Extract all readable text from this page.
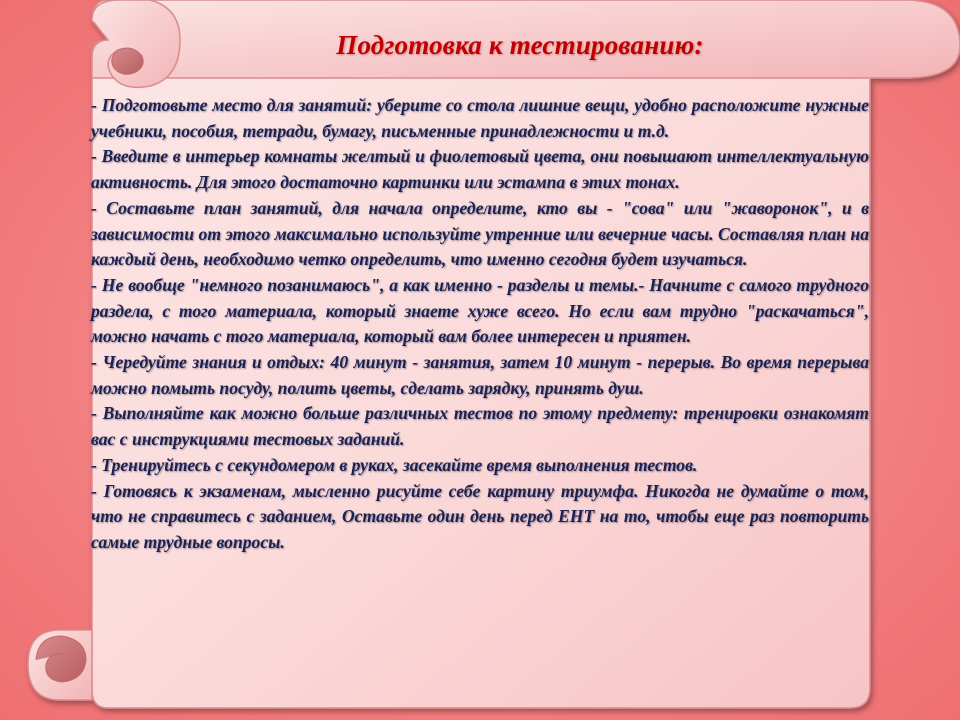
Подготовка к тестированию:

- Подготовьте место для занятий: уберите со стола лишние вещи, удобно расположите нужные учебники, пособия, тетради, бумагу, письменные принадлежности и т.д.

- Введите в интерьер комнаты желтый и фиолетовый цвета, они повышают интеллектуальную активность. Для этого достаточно картинки или эстампа в этих тонах.

- Составьте план занятий, для начала определите, кто вы - "сова" или "жаворонок", и в зависимости от этого максимально используйте утренние или вечерние часы. Составляя план на каждый день, необходимо четко определить, что именно сегодня будет изучаться.

- Не вообще "немного позанимаюсь", а как именно - разделы и темы.- Начните с самого трудного раздела, с того материала, который знаете хуже всего. Но если вам трудно "раскачаться", можно начать с того материала, который вам более интересен и приятен.

- Чередуйте знания и отдых: 40 минут - занятия, затем 10 минут - перерыв. Во время перерыва можно помыть посуду, полить цветы, сделать зарядку, принять душ.

- Выполняйте как можно больше различных тестов по этому предмету: тренировки ознакомят вас с инструкциями тестовых заданий.

- Тренируйтесь с секундомером в руках, засекайте время выполнения тестов.

- Готовясь к экзаменам, мысленно рисуйте себе картину триумфа. Никогда не думайте о том, что не справитесь с заданием, Оставьте один день перед ЕНТ на то, чтобы еще раз повторить самые трудные вопросы.
